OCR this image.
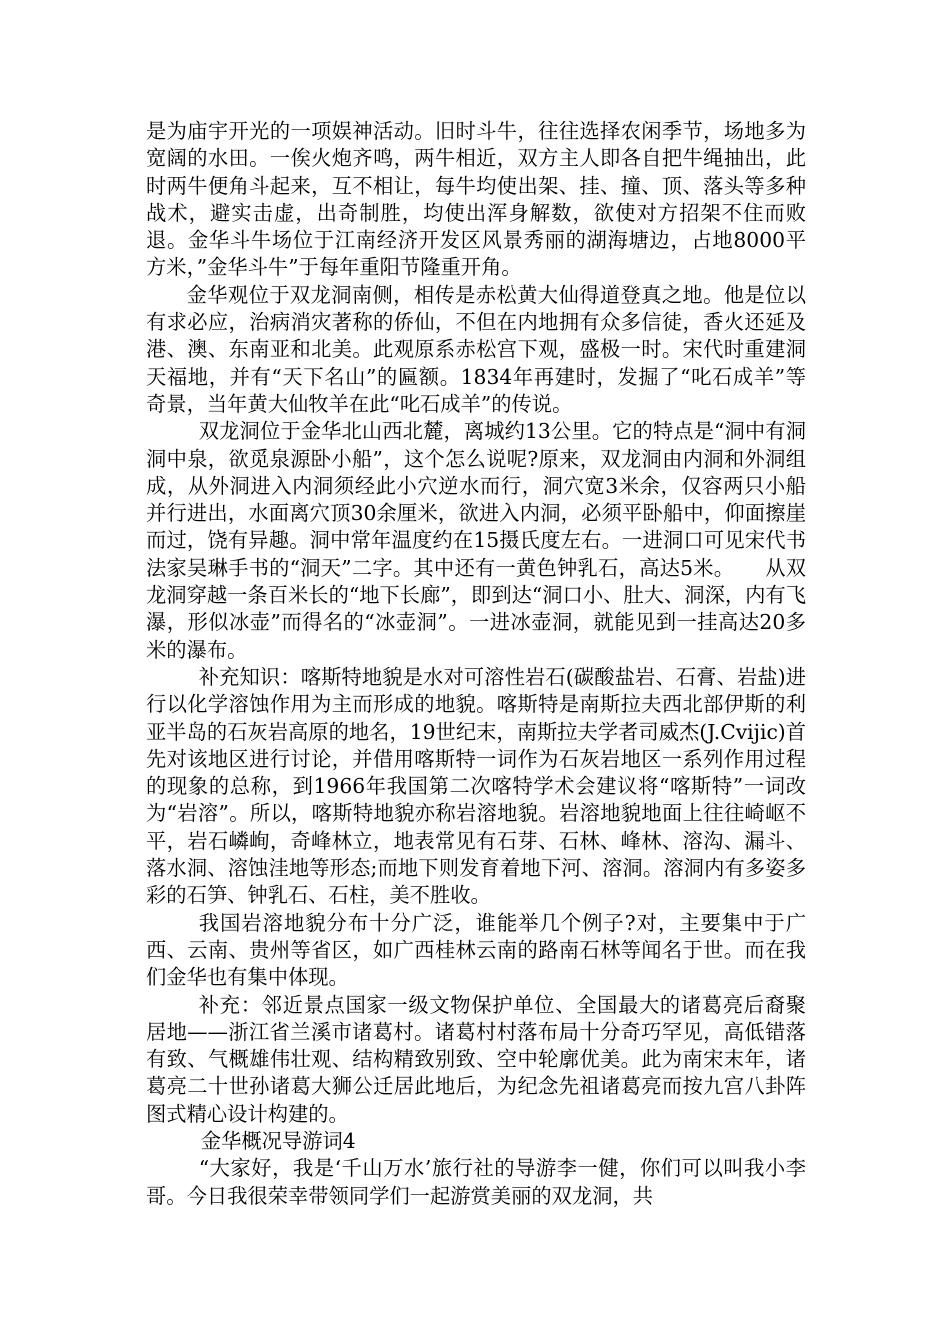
是为庙宇开光的一项娱神活动。旧时斗牛，往往选择农闲季节，场地多为宽阔的水田。一俟火炮齐鸣，两牛相近，双方主人即各自把牛绳抽出，此时两牛便角斗起来，互不相让，每牛均使出架、挂、撞、顶、落头等多种战术，避实击虚，出奇制胜，均使出浑身解数，欲使对方招架不住而败退。金华斗牛场位于江南经济开发区风景秀丽的湖海塘边，占地8000平方米，”金华斗牛”于每年重阳节隆重开角。

金华观位于双龙洞南侧，相传是赤松黄大仙得道登真之地。他是位以有求必应，治病消灾著称的侨仙，不但在内地拥有众多信徒，香火还延及港、澳、东南亚和北美。此观原系赤松宫下观，盛极一时。宋代时重建洞天福地，并有“天下名山”的匾额。1834年再建时，发掘了“叱石成羊”等奇景，当年黄大仙牧羊在此“叱石成羊”的传说。

双龙洞位于金华北山西北麓，离城约13公里。它的特点是“洞中有洞洞中泉，欲觅泉源卧小船”，这个怎么说呢?原来，双龙洞由内洞和外洞组成，从外洞进入内洞须经此小穴逆水而行，洞穴宽3米余，仅容两只小船并行进出，水面离穴顶30余厘米，欲进入内洞，必须平卧船中，仰面擦崖而过，饶有异趣。洞中常年温度约在15摄氏度左右。一进洞口可见宋代书法家吴琳手书的“洞天”二字。其中还有一黄色钟乳石，高达5米。　　从双龙洞穿越一条百米长的“地下长廊”，即到达“洞口小、肚大、洞深，内有飞瀑，形似冰壶”而得名的“冰壶洞”。一进冰壶洞，就能见到一挂高达20多米的瀑布。

补充知识：喀斯特地貌是水对可溶性岩石(碳酸盐岩、石膏、岩盐)进行以化学溶蚀作用为主而形成的地貌。喀斯特是南斯拉夫西北部伊斯的利亚半岛的石灰岩高原的地名，19世纪末，南斯拉夫学者司威杰(J.Cvijic)首先对该地区进行讨论，并借用喀斯特一词作为石灰岩地区一系列作用过程的现象的总称，到1966年我国第二次喀特学术会建议将“喀斯特”一词改为“岩溶”。所以，喀斯特地貌亦称岩溶地貌。岩溶地貌地面上往往崎岖不平，岩石嶙峋，奇峰林立，地表常见有石芽、石林、峰林、溶沟、漏斗、落水洞、溶蚀洼地等形态;而地下则发育着地下河、溶洞。溶洞内有多姿多彩的石笋、钟乳石、石柱，美不胜收。

我国岩溶地貌分布十分广泛，谁能举几个例子?对，主要集中于广西、云南、贵州等省区，如广西桂林云南的路南石林等闻名于世。而在我们金华也有集中体现。

补充：邻近景点国家一级文物保护单位、全国最大的诸葛亮后裔聚居地——浙江省兰溪市诸葛村。诸葛村村落布局十分奇巧罕见，高低错落有致、气概雄伟壮观、结构精致别致、空中轮廓优美。此为南宋末年，诸葛亮二十世孙诸葛大狮公迁居此地后，为纪念先祖诸葛亮而按九宫八卦阵图式精心设计构建的。

金华概况导游词4

“大家好，我是‘千山万水’旅行社的导游李一健，你们可以叫我小李哥。今日我很荣幸带领同学们一起游赏美丽的双龙洞，共
